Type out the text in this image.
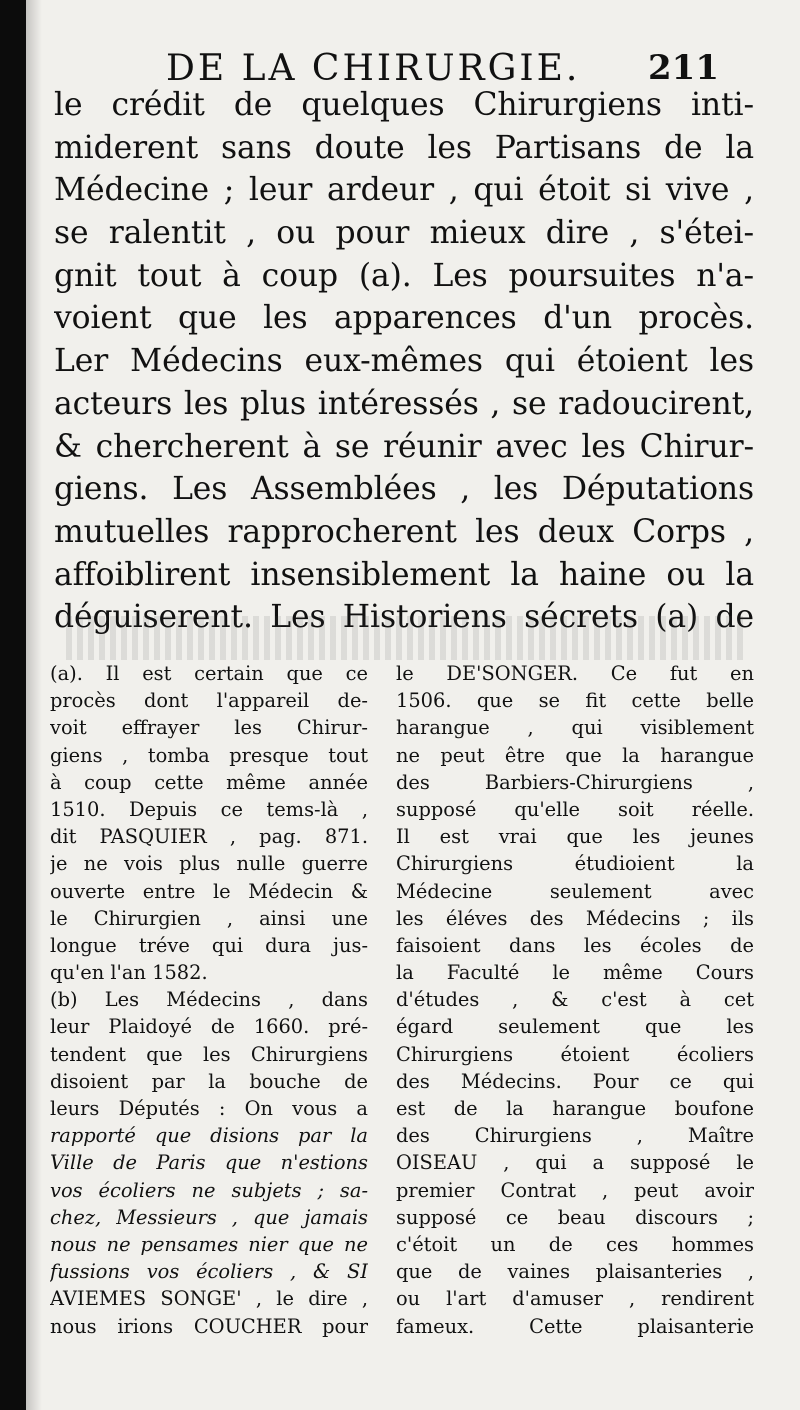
DE LA CHIRURGIE. 211
le crédit de quelques Chirurgiens inti-
miderent sans doute les Partisans de la
Médecine ; leur ardeur , qui étoit si vive ,
se ralentit , ou pour mieux dire , s'étei-
gnit tout à coup (a). Les poursuites n'a-
voient que les apparences d'un procès.
Ler Médecins eux-mêmes qui étoient les
acteurs les plus intéressés , se radoucirent,
& chercherent à se réunir avec les Chirur-
giens. Les Assemblées , les Députations
mutuelles rapprocherent les deux Corps ,
affoiblirent insensiblement la haine ou la
déguiserent. Les Historiens sécrets (a) de
(a). Il est certain que ce
procès dont l'appareil de-
voit effrayer les Chirur-
giens , tomba presque tout
à coup cette même année
1510. Depuis ce tems-là ,
dit PASQUIER , pag. 871.
je ne vois plus nulle guerre
ouverte entre le Médecin &
le Chirurgien , ainsi une
longue tréve qui dura jus-
qu'en l'an 1582.
(b) Les Médecins , dans
leur Plaidoyé de 1660. pré-
tendent que les Chirurgiens
disoient par la bouche de
leurs Députés : On vous a
rapporté que disions par la
Ville de Paris que n'estions
vos écoliers ne subjets ; sa-
chez, Messieurs , que jamais
nous ne pensames nier que ne
fussions vos écoliers , & SI
AVIEMES SONGE' , le dire ,
nous irions COUCHER pour
le DE'SONGER. Ce fut en
1506. que se fit cette belle
harangue , qui visiblement
ne peut être que la harangue
des Barbiers-Chirurgiens ,
supposé qu'elle soit réelle.
Il est vrai que les jeunes
Chirurgiens étudioient la
Médecine seulement avec
les éléves des Médecins ; ils
faisoient dans les écoles de
la Faculté le même Cours
d'études , & c'est à cet
égard seulement que les
Chirurgiens étoient écoliers
des Médecins. Pour ce qui
est de la harangue boufone
des Chirurgiens , Maître
OISEAU , qui a supposé le
premier Contrat , peut avoir
supposé ce beau discours ;
c'étoit un de ces hommes
que de vaines plaisanteries ,
ou l'art d'amuser , rendirent
fameux. Cette plaisanterie
